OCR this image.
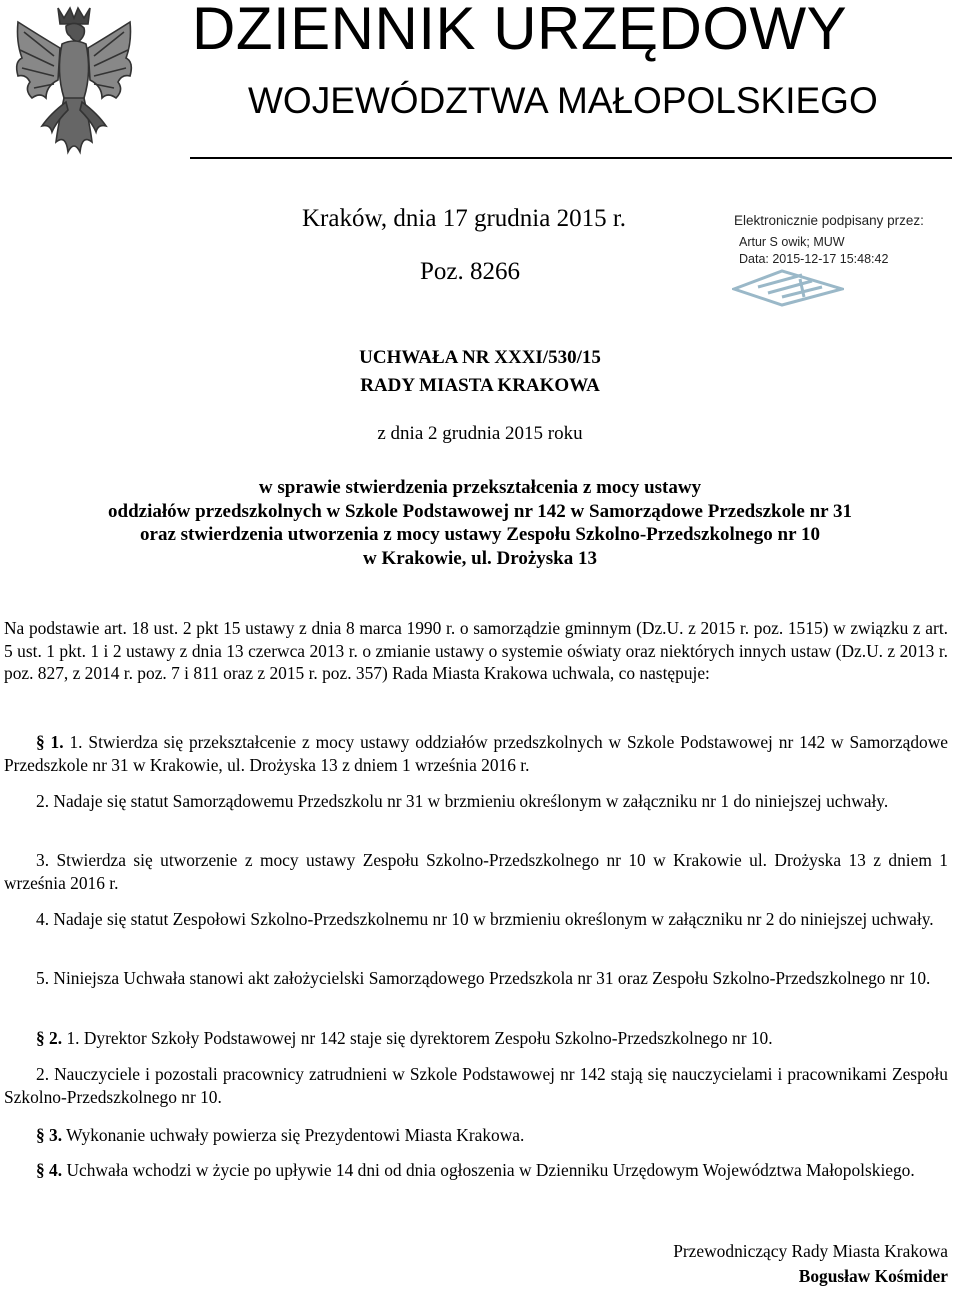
DZIENNIK URZĘDOWY
WOJEWÓDZTWA MAŁOPOLSKIEGO
Kraków, dnia 17 grudnia 2015 r.
Poz. 8266
Elektronicznie podpisany przez:
Artur S owik; MUW
Data: 2015-12-17 15:48:42
UCHWAŁA NR XXXI/530/15
RADY MIASTA KRAKOWA
z dnia 2 grudnia 2015 roku
w sprawie stwierdzenia przekształcenia z mocy ustawy
oddziałów przedszkolnych w Szkole Podstawowej nr 142 w Samorządowe Przedszkole nr 31
oraz stwierdzenia utworzenia z mocy ustawy Zespołu Szkolno-Przedszkolnego nr 10
w Krakowie, ul. Drożyska 13

Na podstawie art. 18 ust. 2 pkt 15 ustawy z dnia 8 marca 1990 r. o samorządzie gminnym (Dz.U. z 2015 r. poz. 1515) w związku z art. 5 ust. 1 pkt. 1 i 2 ustawy z dnia 13 czerwca 2013 r. o zmianie ustawy o systemie oświaty oraz niektórych innych ustaw (Dz.U. z 2013 r. poz. 827, z 2014 r. poz. 7 i 811 oraz z 2015 r. poz. 357) Rada Miasta Krakowa uchwala, co następuje:

§ 1. 1. Stwierdza się przekształcenie z mocy ustawy oddziałów przedszkolnych w Szkole Podstawowej nr 142 w Samorządowe Przedszkole nr 31 w Krakowie, ul. Drożyska 13 z dniem 1 września 2016 r.

2. Nadaje się statut Samorządowemu Przedszkolu nr 31 w brzmieniu określonym w załączniku nr 1 do niniejszej uchwały.

3. Stwierdza się utworzenie z mocy ustawy Zespołu Szkolno-Przedszkolnego nr 10 w Krakowie ul. Drożyska 13 z dniem 1 września 2016 r.

4. Nadaje się statut Zespołowi Szkolno-Przedszkolnemu nr 10 w brzmieniu określonym w załączniku nr 2 do niniejszej uchwały.

5. Niniejsza Uchwała stanowi akt założycielski Samorządowego Przedszkola nr 31 oraz Zespołu Szkolno-Przedszkolnego nr 10.

§ 2. 1. Dyrektor Szkoły Podstawowej nr 142 staje się dyrektorem Zespołu Szkolno-Przedszkolnego nr 10.

2. Nauczyciele i pozostali pracownicy zatrudnieni w Szkole Podstawowej nr 142 stają się nauczycielami i pracownikami Zespołu Szkolno-Przedszkolnego nr 10.

§ 3. Wykonanie uchwały powierza się Prezydentowi Miasta Krakowa.

§ 4. Uchwała wchodzi w życie po upływie 14 dni od dnia ogłoszenia w Dzienniku Urzędowym Województwa Małopolskiego.

Przewodniczący Rady Miasta Krakowa
Bogusław Kośmider
